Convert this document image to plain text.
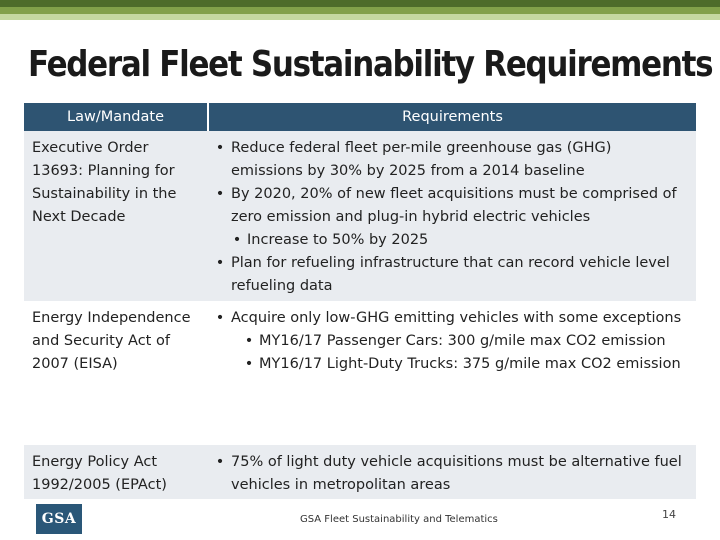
Federal Fleet Sustainability Requirements
Law/Mandate	Requirements
Executive Order 13693: Planning for Sustainability in the Next Decade
• Reduce federal fleet per-mile greenhouse gas (GHG) emissions by 30% by 2025 from a 2014 baseline
• By 2020, 20% of new fleet acquisitions must be comprised of zero emission and plug-in hybrid electric vehicles
• Increase to 50% by 2025
• Plan for refueling infrastructure that can record vehicle level refueling data
Energy Independence and Security Act of 2007 (EISA)
• Acquire only low-GHG emitting vehicles with some exceptions
• MY16/17 Passenger Cars: 300 g/mile max CO2 emission
• MY16/17 Light-Duty Trucks: 375 g/mile max CO2 emission
Energy Policy Act 1992/2005 (EPAct)
• 75% of light duty vehicle acquisitions must be alternative fuel vehicles in metropolitan areas
GSA	GSA Fleet Sustainability and Telematics	14
